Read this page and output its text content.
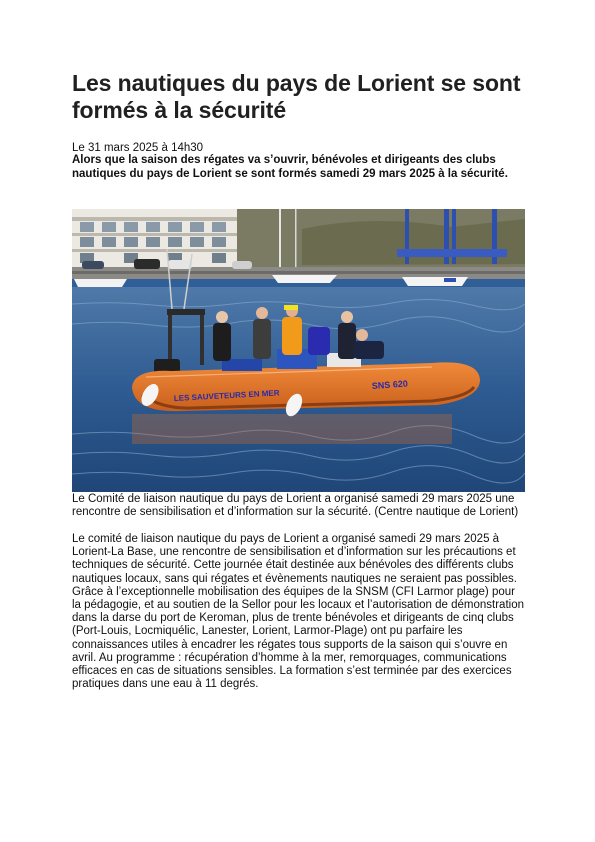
Les nautiques du pays de Lorient se sont formés à la sécurité

Le 31 mars 2025 à 14h30

Alors que la saison des régates va s’ouvrir, bénévoles et dirigeants des clubs nautiques du pays de Lorient se sont formés samedi 29 mars 2025 à la sécurité.

LES SAUVETEURS EN MER
SNS 620

Le Comité de liaison nautique du pays de Lorient a organisé samedi 29 mars 2025 une rencontre de sensibilisation et d’information sur la sécurité. (Centre nautique de Lorient)

Le comité de liaison nautique du pays de Lorient a organisé samedi 29 mars 2025 à Lorient-La Base, une rencontre de sensibilisation et d’information sur les précautions et techniques de sécurité. Cette journée était destinée aux bénévoles des différents clubs nautiques locaux, sans qui régates et évènements nautiques ne seraient pas possibles. Grâce à l’exceptionnelle mobilisation des équipes de la SNSM (CFI Larmor plage) pour la pédagogie, et au soutien de la Sellor pour les locaux et l’autorisation de démonstration dans la darse du port de Keroman, plus de trente bénévoles et dirigeants de cinq clubs (Port-Louis, Locmiquélic, Lanester, Lorient, Larmor-Plage) ont pu parfaire les connaissances utiles à encadrer les régates tous supports de la saison qui s’ouvre en avril. Au programme : récupération d’homme à la mer, remorquages, communications efficaces en cas de situations sensibles. La formation s’est terminée par des exercices pratiques dans une eau à 11 degrés.
